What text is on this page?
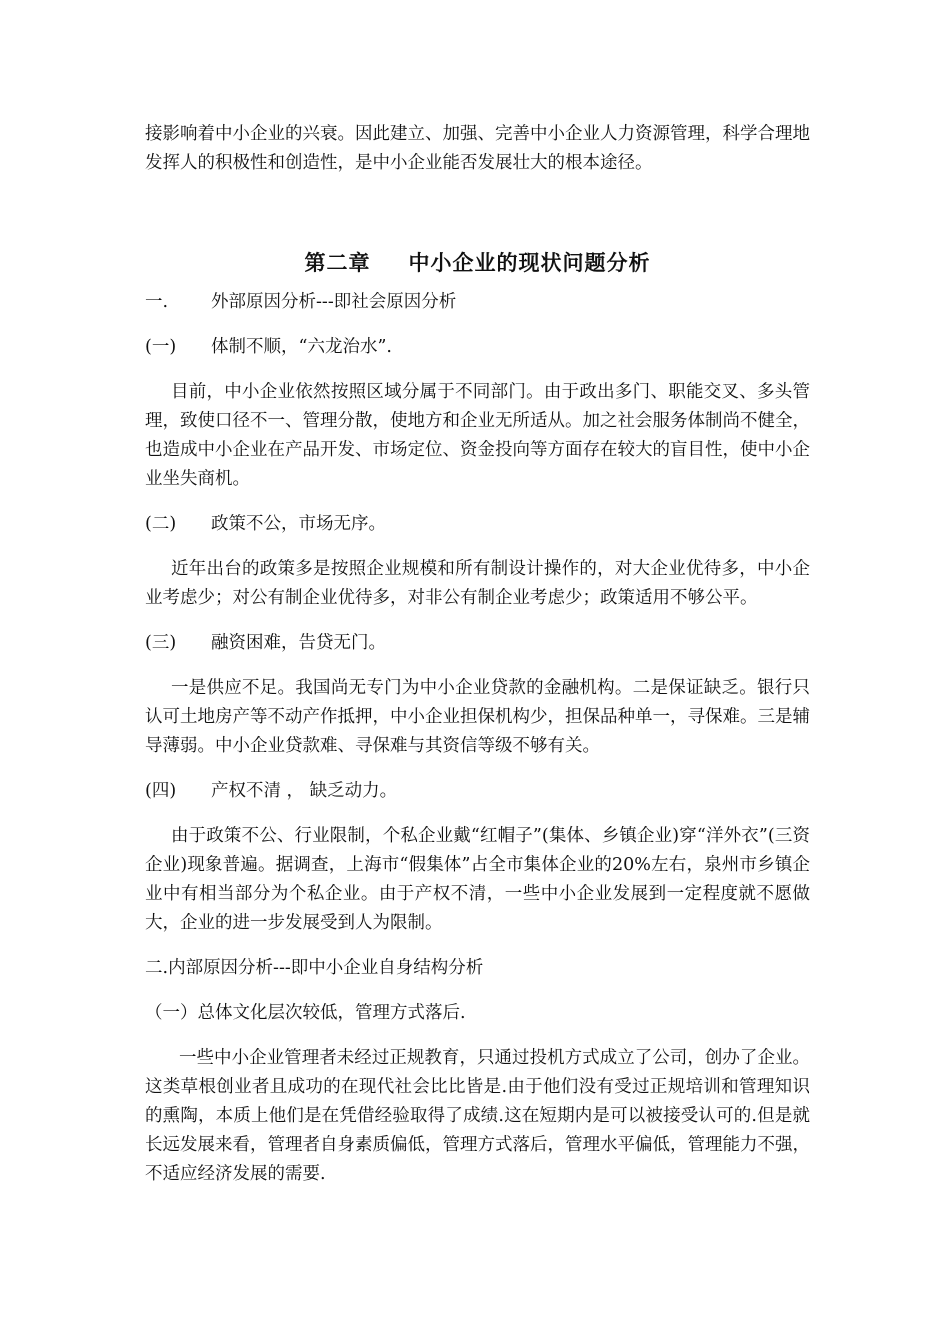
接影响着中小企业的兴衰。因此建立、加强、完善中小企业人力资源管理，科学合理地发挥人的积极性和创造性，是中小企业能否发展壮大的根本途径。

第二章 中小企业的现状问题分析
一.	外部原因分析---即社会原因分析
(一)	体制不顺，“六龙治水”.

目前，中小企业依然按照区域分属于不同部门。由于政出多门、职能交叉、多头管理，致使口径不一、管理分散，使地方和企业无所适从。加之社会服务体制尚不健全，也造成中小企业在产品开发、市场定位、资金投向等方面存在较大的盲目性，使中小企业坐失商机。

(二)	政策不公，市场无序。

近年出台的政策多是按照企业规模和所有制设计操作的，对大企业优待多，中小企业考虑少；对公有制企业优待多，对非公有制企业考虑少；政策适用不够公平。

(三)	融资困难，告贷无门。

一是供应不足。我国尚无专门为中小企业贷款的金融机构。二是保证缺乏。银行只认可土地房产等不动产作抵押，中小企业担保机构少，担保品种单一，寻保难。三是辅导薄弱。中小企业贷款难、寻保难与其资信等级不够有关。

(四)	产权不清 ， 缺乏动力。

由于政策不公、行业限制，个私企业戴“红帽子”(集体、乡镇企业)穿“洋外衣”(三资企业)现象普遍。据调查，上海市“假集体”占全市集体企业的20%左右，泉州市乡镇企业中有相当部分为个私企业。由于产权不清，一些中小企业发展到一定程度就不愿做大，企业的进一步发展受到人为限制。

二.内部原因分析---即中小企业自身结构分析
（一）总体文化层次较低，管理方式落后.

一些中小企业管理者未经过正规教育，只通过投机方式成立了公司，创办了企业。这类草根创业者且成功的在现代社会比比皆是.由于他们没有受过正规培训和管理知识的熏陶，本质上他们是在凭借经验取得了成绩.这在短期内是可以被接受认可的.但是就长远发展来看，管理者自身素质偏低，管理方式落后，管理水平偏低，管理能力不强，不适应经济发展的需要.
